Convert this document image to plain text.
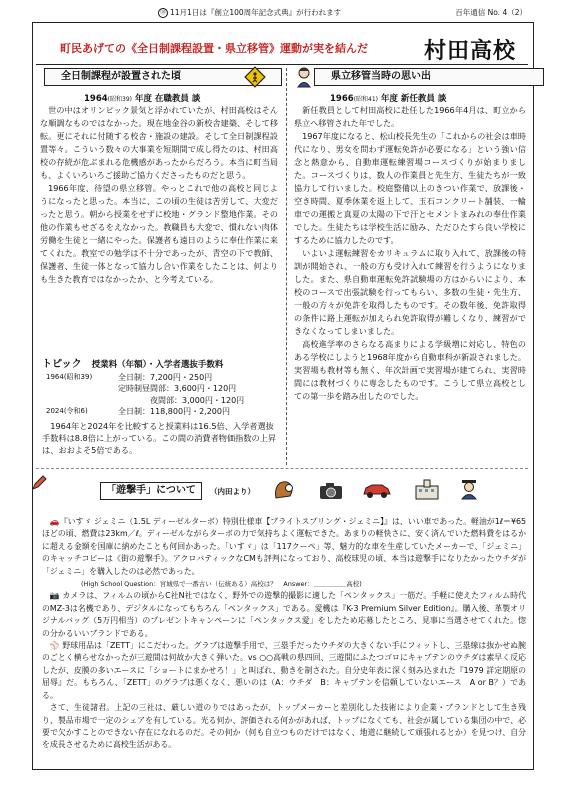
⑱ 11月1日は『創立100周年記念式典』が行われます	百年通信 No. 4（2）
町民あげての《全日制課程設置・県立移管》運動が実を結んだ	村田高校
全日制課程が設置された頃
1964(昭和39) 年度 在職教員 談

世の中はオリンピック景気と浮かれていたが、村田高校はそんな順調なものではなかった。現在地金谷の新校舎建築、そして移転。更にそれに付随する校舎・施設の建設。そして全日制課程設置等々。こういう数々の大事業を短期間で成し得たのは、村田高校の存続が危ぶまれる危機感があったからだろう。本当に町当局も、よくいろいろご援助ご協力くださったものだと思う。

1966年度、待望の県立移管。やっとこれで他の高校と同じようになったと思った。本当に、この頃の生徒は苦労して、大変だったと思う。朝から授業をせずに校地・グランド整地作業。その他の作業もせざるをえなかった。教職員も大変で、慣れない肉体労働を生徒と一緒にやった。保護者も遠日のように奉仕作業に来てくれた。教室での勉学は不十分であったが、青空の下で教師、保護者、生徒一体となって協力し合い作業をしたことは、何よりも生きた教育ではなかったか、と今考えている。

トピック 授業料（年額）・入学者選抜手数料
1964(昭和39)	全日制：7,200円・250円
定時制昼間部：3,600円・120円
夜間部：3,000円・120円
2024(令和6)	全日制：118,800円・2,200円
1964年と2024年を比較すると授業料は16.5倍、入学者選抜手数料は8.8倍に上がっている。この間の消費者物価指数の上昇は、おおよそ5倍である。
県立移管当時の思い出
1966(昭和41) 年度 新任教員 談

新任教員として村田高校に赴任した1966年4月は、町立から県立へ移管された年でした。

1967年度になると、松山校長先生の「これからの社会は車時代になり、男女を問わず運転免許が必要になる」という強い信念と熱意から、自動車運転練習場コースづくりが始まりました。コースづくりは、数人の作業員と先生方、生徒たちが一致協力して行いました。校庭整備以上のきつい作業で、放課後・空き時間、夏季休業を返上して、玉石コンクリート舗装、一輪車での運搬と真夏の太陽の下で汗とセメントまみれの奉仕作業でした。生徒たちは学校生活に励み、ただひたすら良い学校にするために協力したのです。

いよいよ運転練習をカリキュラムに取り入れて、放課後の特訓が開始され、一般の方も受け入れて練習を行うようになりました。また、県自動車運転免許試験場の方はからいにより、本校のコースで出張試験を行ってもらい、多数の生徒・先生方、一般の方々が免許を取得したものです。その数年後、免許取得の条件に路上運転が加えられ免許取得が難しくなり、練習ができなくなってしまいました。

高校進学率のさらなる高まりによる学級増に対応し、特色のある学校にしようと1968年度から自動車科が新設されました。実習場も教材等も無く、年次計画で実習場が建てられ、実習時間には教材づくりに専念したものです。こうして県立高校としての第一歩を踏み出したのでした。

「遊撃手」について	（内田より）

🚗『いすゞ ジェミニ（1.5L ディーゼルターボ）特別仕様車【ブライトスプリング・ジェミニ】』は、いい車であった。軽油が1ℓ＝¥65ほどの頃、燃費は23km／ℓ。ディーゼルながらターボの力で気持ちよく運転できた。あまりの軽快さに、安く済んでいた燃料費をはるかに超える金額を国庫に納めたことも何回かあった。「いすゞ」は「117クーペ」等、魅力的な車を生産していたメーカーで、「ジェミニ」のキャッチコピーは《街の遊撃手》。アクロバティックなCMも評判になっており、高校球児の頃、本当は遊撃手になりたかったウチダが「ジェミニ」を購入したのは必然であった。

(High School Question：宮城県で一番古い（伝統ある）高校は？　Answer：＿＿＿＿＿高校)

📷 カメラは、フィルムの頃からC社N社ではなく、野外での遊撃的撮影に適した「ペンタックス」一筋だ。手軽に使えたフィルム時代のMZ-3は名機であり、デジタルになってもちろん「ペンタックス」である。愛機は『K-3 Premium Silver Edition』。購入後、革製オリジナルバッグ（5万円相当）のプレゼントキャンペーンに「ペンタックス愛」をしたため応募したところ、見事に当選させてくれた。惚の分かるいいブランドである。

⚾ 野球用品は「ZETT」にこだわった。グラブは遊撃手用で、三塁手だったウチダの大きくない手にフィットし、三塁線は抜かせぬ腕のごとく横らせなかったが三遊間は何故か大きく弾いた。vs ○○高戦の県四回、三遊間にふたつゴロにキャプテンのウチダは素早く反応したが、皮膜の多いエースに「ショートにまかせろ！」と叫ばれ、動きを制された。自分史年表に深く刻み込まれた『1979 詳定期原の屈辱』だ。もちろん、「ZETT」のグラブは悪くなく、悪いのは（A：ウチダ　B：キャプテンを信頼していないエース　A or B？）である。

さて、生徒諸君。上記の三社は、厳しい道のりではあったが、トップメーカーと差別化した技術により企業・ブランドとして生き残り、製品市場で一定のシェアを有している。光る何か、評価される何かがあれば、トップになくても、社会が属している集団の中で、必要で欠かすことのできない存在になれるのだ。その何か（何も自立つものだけではなく、地道に継続して頑張れるとか）を見つけ、自分を成長させるために高校生活がある。
